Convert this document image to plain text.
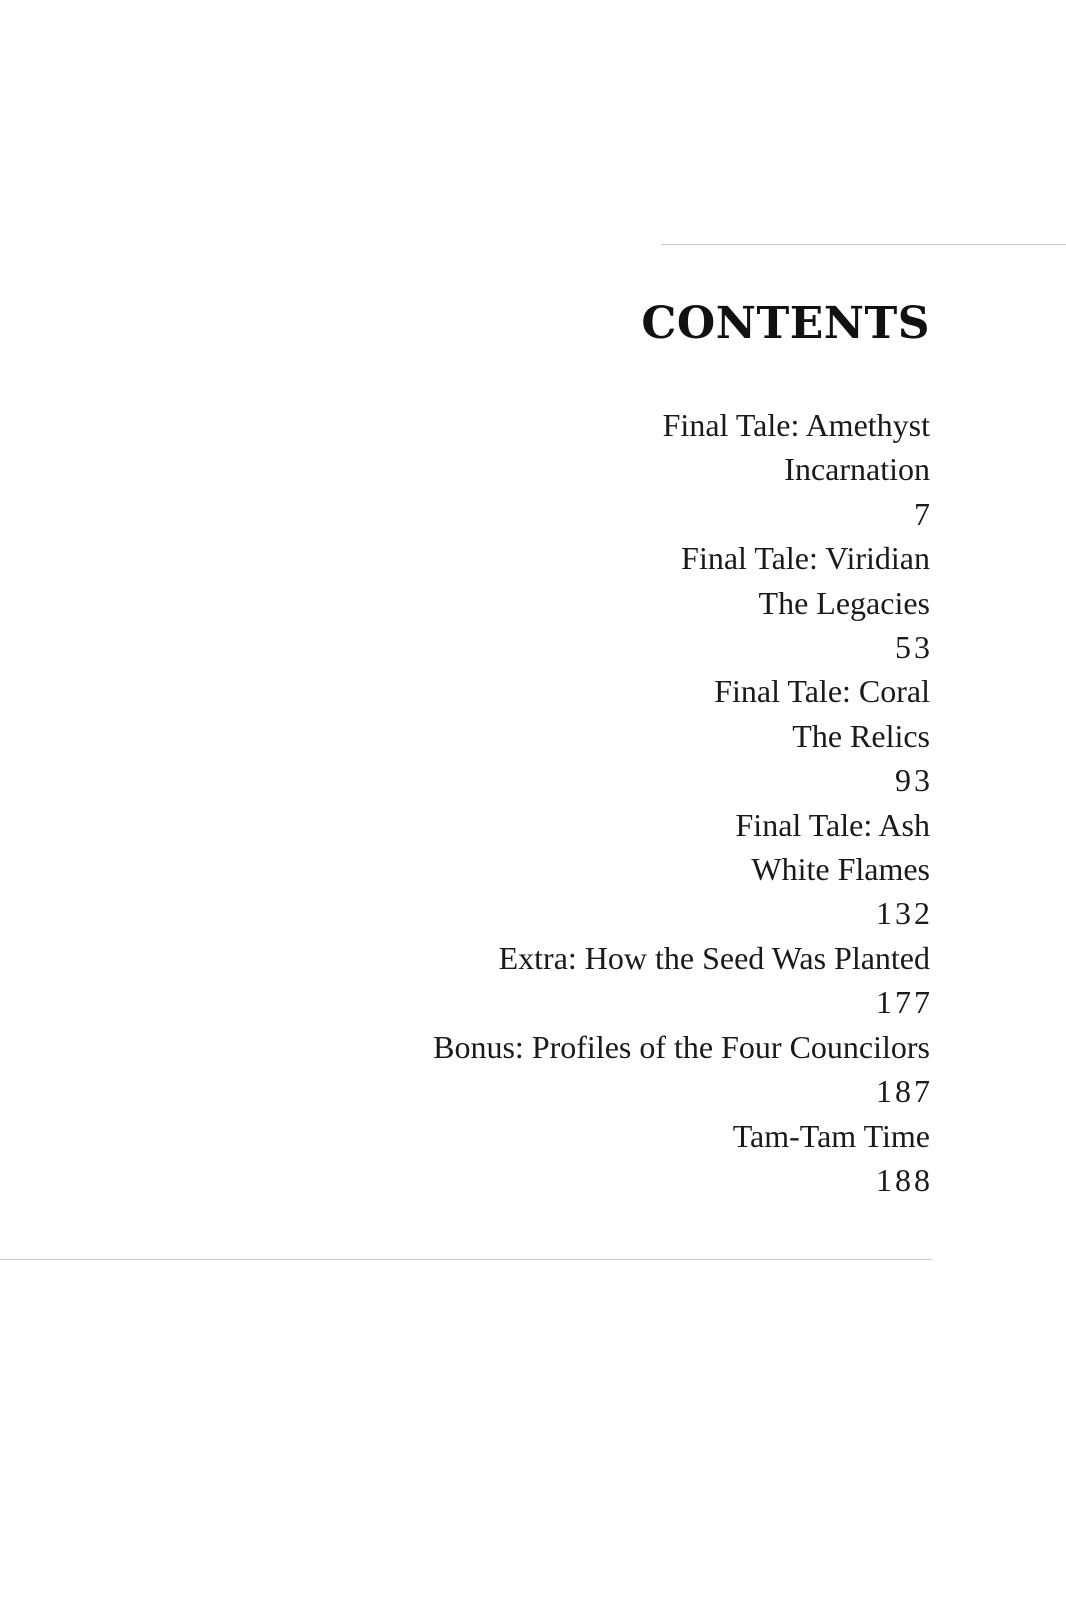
CONTENTS
Final Tale: Amethyst
Incarnation
7
Final Tale: Viridian
The Legacies
53
Final Tale: Coral
The Relics
93
Final Tale: Ash
White Flames
132
Extra: How the Seed Was Planted
177
Bonus: Profiles of the Four Councilors
187
Tam-Tam Time
188
